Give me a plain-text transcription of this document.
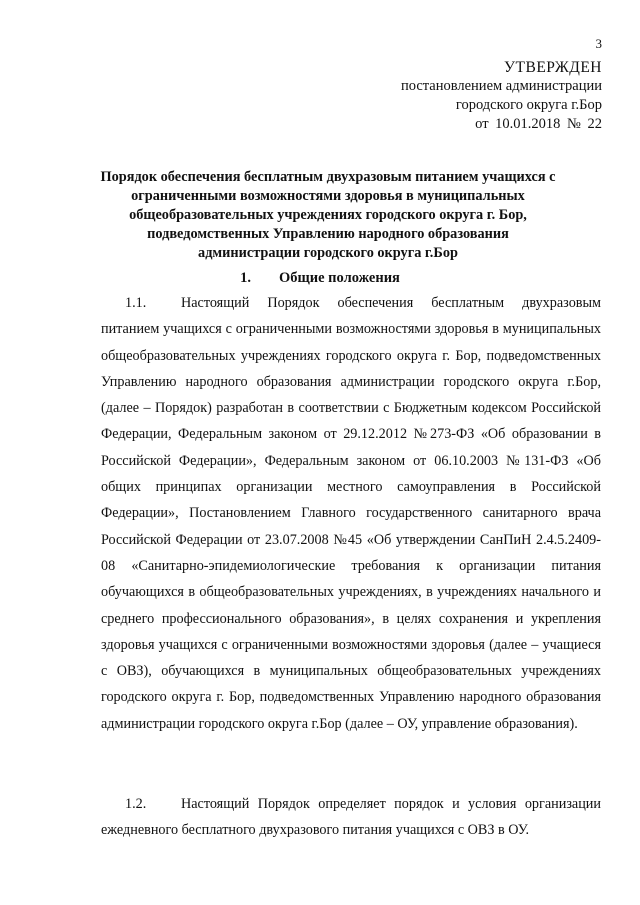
3
УТВЕРЖДЕН
постановлением администрации
городского округа г.Бор
от 10.01.2018 № 22
Порядок обеспечения бесплатным двухразовым питанием учащихся с ограниченными возможностями здоровья в муниципальных общеобразовательных учреждениях городского округа г. Бор, подведомственных Управлению народного образования администрации городского округа г.Бор
1. Общие положения
1.1. Настоящий Порядок обеспечения бесплатным двухразовым питанием учащихся с ограниченными возможностями здоровья в муниципальных общеобразовательных учреждениях городского округа г. Бор, подведомственных Управлению народного образования администрации городского округа г.Бор, (далее – Порядок) разработан в соответствии с Бюджетным кодексом Российской Федерации, Федеральным законом от 29.12.2012 №273-ФЗ «Об образовании в Российской Федерации», Федеральным законом от 06.10.2003 №131-ФЗ «Об общих принципах организации местного самоуправления в Российской Федерации», Постановлением Главного государственного санитарного врача Российской Федерации от 23.07.2008 №45 «Об утверждении СанПиН 2.4.5.2409-08 «Санитарно-эпидемиологические требования к организации питания обучающихся в общеобразовательных учреждениях, в учреждениях начального и среднего профессионального образования», в целях сохранения и укрепления здоровья учащихся с ограниченными возможностями здоровья (далее – учащиеся с ОВЗ), обучающихся в муниципальных общеобразовательных учреждениях городского округа г. Бор, подведомственных Управлению народного образования администрации городского округа г.Бор (далее – ОУ, управление образования).
1.2. Настоящий Порядок определяет порядок и условия организации ежедневного бесплатного двухразового питания учащихся с ОВЗ в ОУ.
